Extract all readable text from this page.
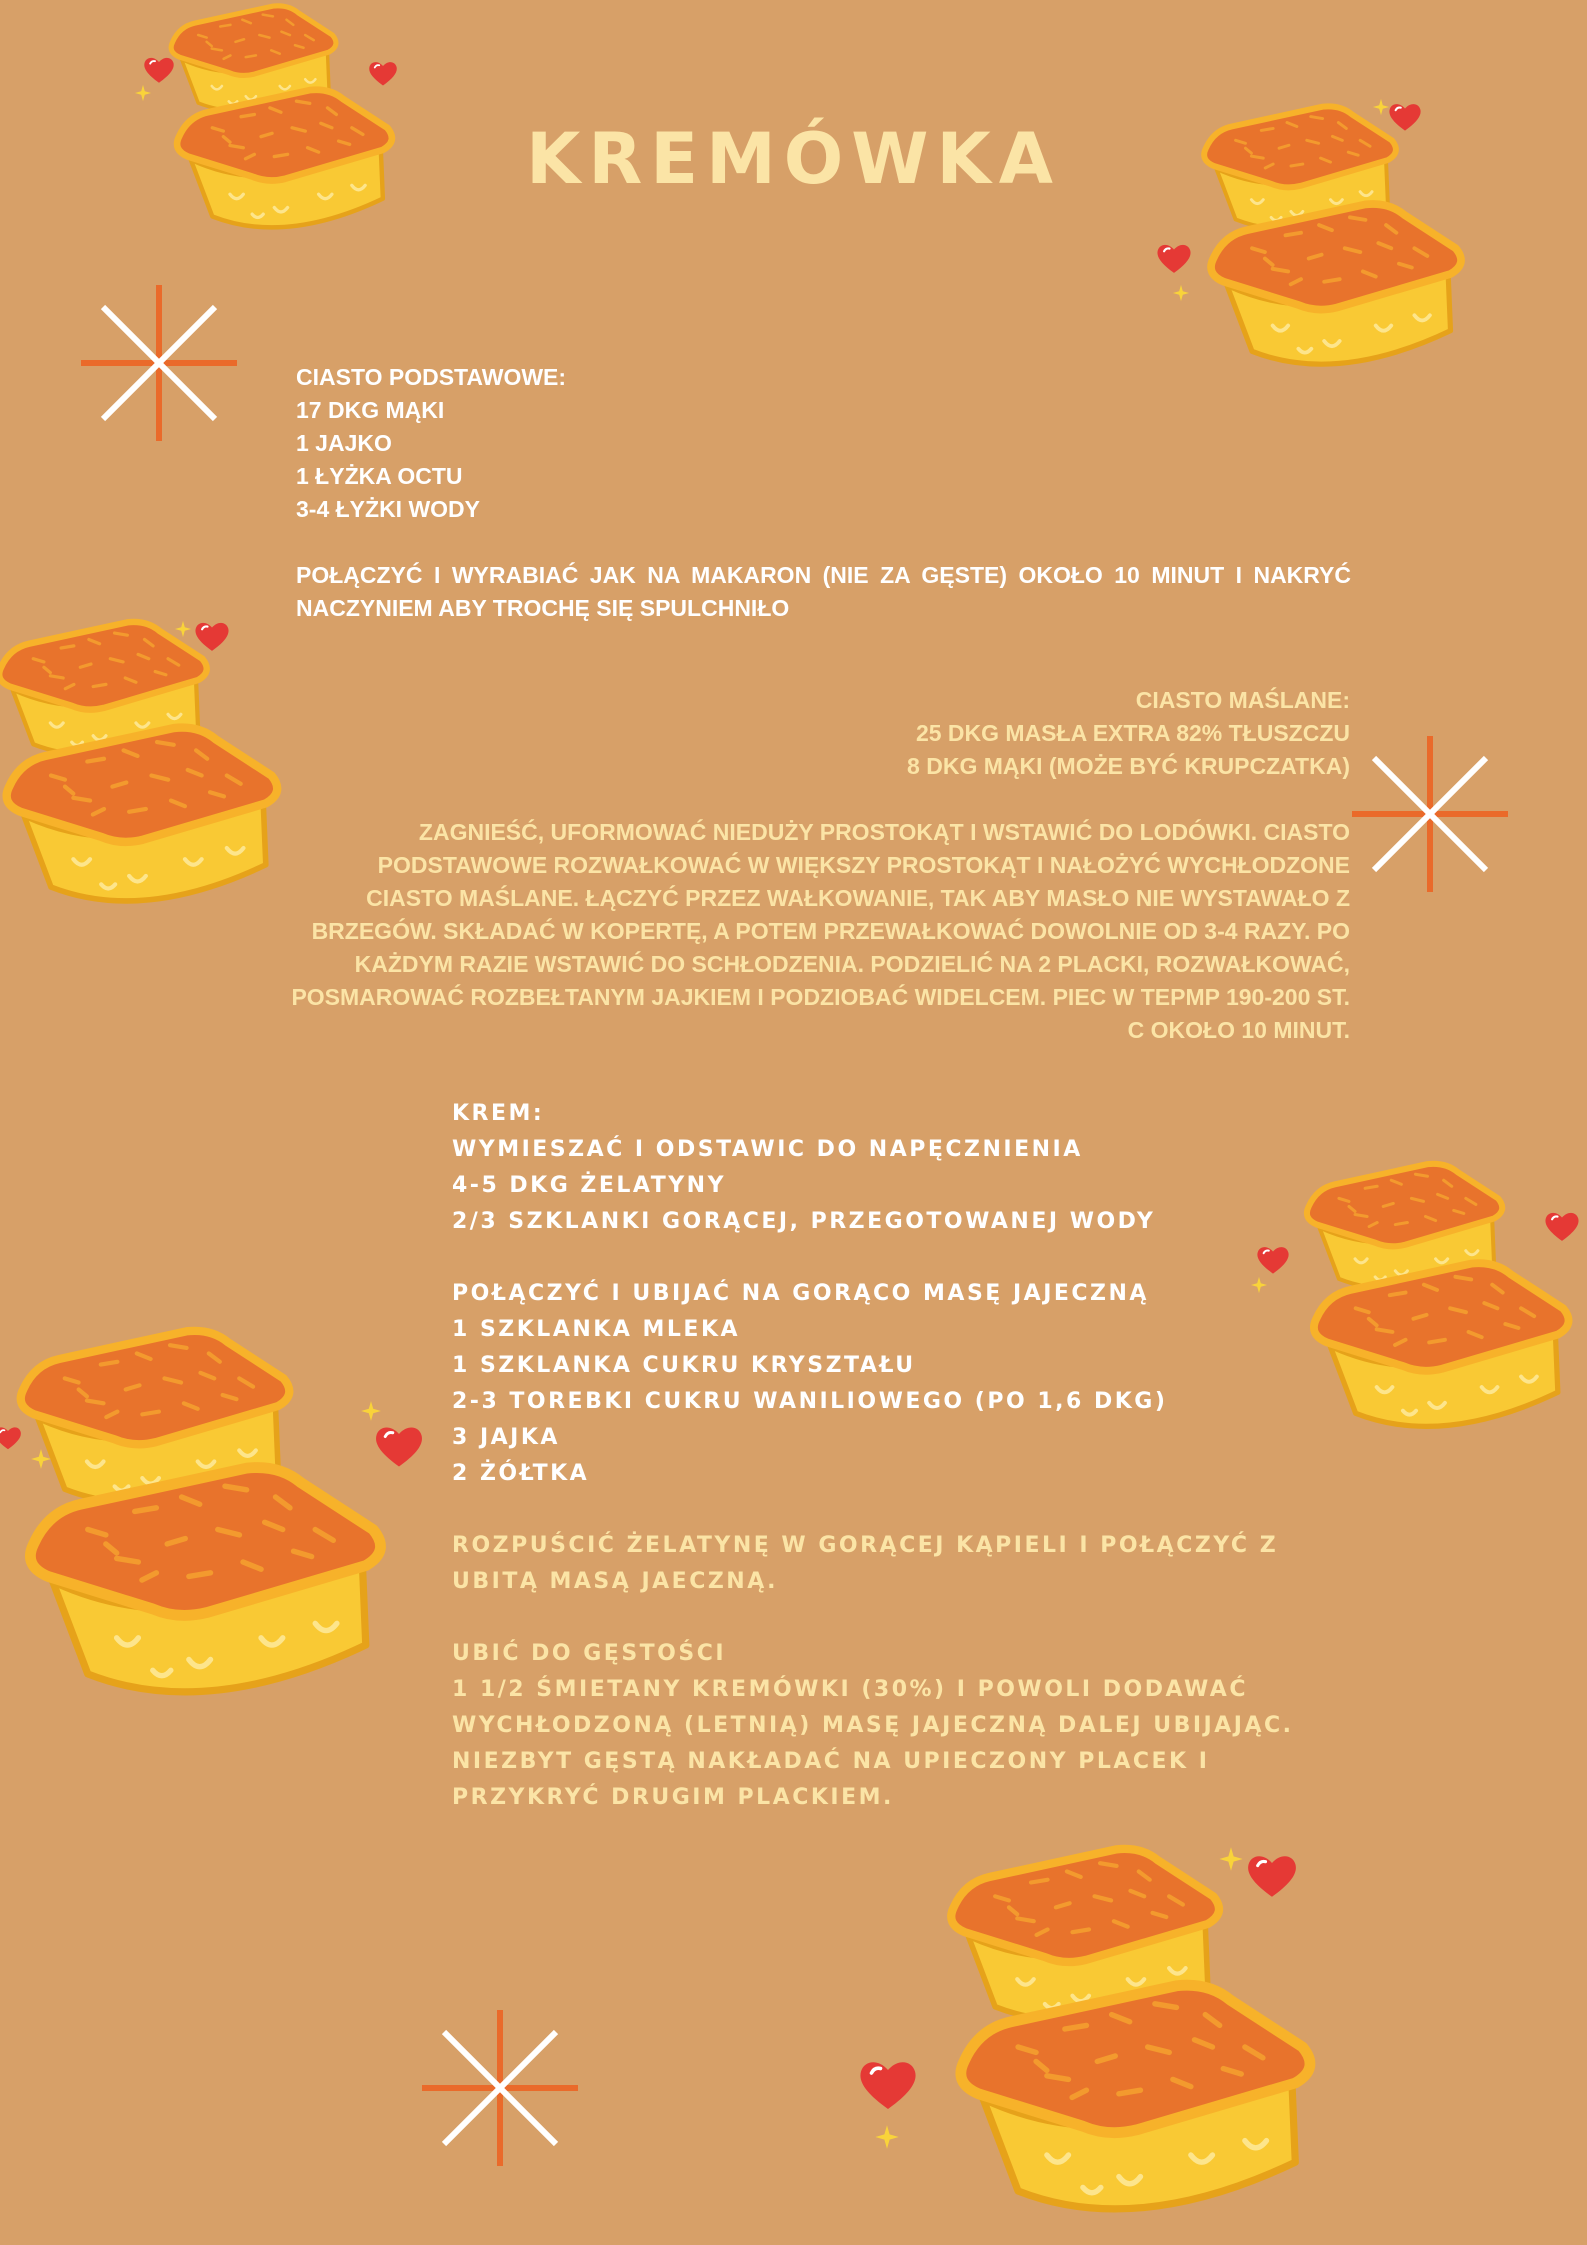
KREMÓWKA

CIASTO PODSTAWOWE:

17 DKG MĄKI

1 JAJKO

1 ŁYŻKA OCTU

3-4 ŁYŻKI WODY

POŁĄCZYĆ I WYRABIAĆ JAK NA MAKARON (NIE ZA GĘSTE) OKOŁO 10 MINUT I NAKRYĆ NACZYNIEM ABY TROCHĘ SIĘ SPULCHNIŁO

CIASTO MAŚLANE:

25 DKG MASŁA EXTRA 82% TŁUSZCZU

8 DKG MĄKI (MOŻE BYĆ KRUPCZATKA)

ZAGNIEŚĆ, UFORMOWAĆ NIEDUŻY PROSTOKĄT I WSTAWIĆ DO LODÓWKI. CIASTO PODSTAWOWE ROZWAŁKOWAĆ W WIĘKSZY PROSTOKĄT I NAŁOŻYĆ WYCHŁODZONE CIASTO MAŚLANE. ŁĄCZYĆ PRZEZ WAŁKOWANIE, TAK ABY MASŁO NIE WYSTAWAŁO Z BRZEGÓW. SKŁADAĆ W KOPERTĘ, A POTEM PRZEWAŁKOWAĆ DOWOLNIE OD 3-4 RAZY. PO KAŻDYM RAZIE WSTAWIĆ DO SCHŁODZENIA. PODZIELIĆ NA 2 PLACKI, ROZWAŁKOWAĆ, POSMAROWAĆ ROZBEŁTANYM JAJKIEM I PODZIOBAĆ WIDELCEM. PIEC W TEPMP 190-200 ST. C OKOŁO 10 MINUT.

KREM:

WYMIESZAĆ I ODSTAWIC DO NAPĘCZNIENIA

4-5 DKG ŻELATYNY

2/3 SZKLANKI GORĄCEJ, PRZEGOTOWANEJ WODY

POŁĄCZYĆ I UBIJAĆ NA GORĄCO MASĘ JAJECZNĄ

1 SZKLANKA MLEKA

1 SZKLANKA CUKRU KRYSZTAŁU

2-3 TOREBKI CUKRU WANILIOWEGO (PO 1,6 DKG)

3 JAJKA

2 ŻÓŁTKA

ROZPUŚCIĆ ŻELATYNĘ W GORĄCEJ KĄPIELI I POŁĄCZYĆ Z

UBITĄ MASĄ JAECZNĄ.

UBIĆ DO GĘSTOŚCI

1 1/2 ŚMIETANY KREMÓWKI (30%) I POWOLI DODAWAĆ

WYCHŁODZONĄ (LETNIĄ) MASĘ JAJECZNĄ DALEJ UBIJAJĄC.

NIEZBYT GĘSTĄ NAKŁADAĆ NA UPIECZONY PLACEK I

PRZYKRYĆ DRUGIM PLACKIEM.
